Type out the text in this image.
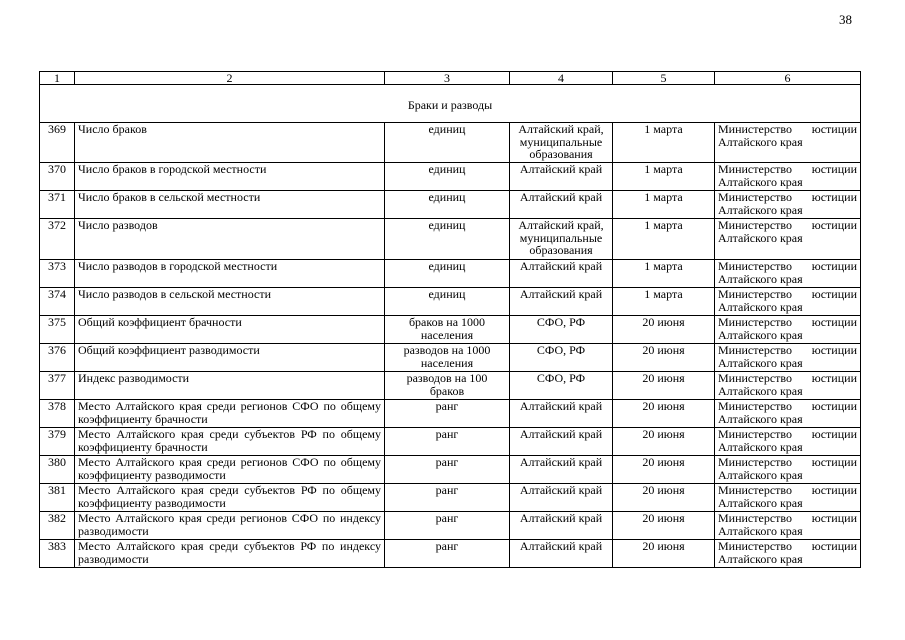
38
1	2	3	4	5	6
Браки и разводы					
369	Число браков	единиц	Алтайский край, муниципальные образования	1 марта	Министерство юстиции Алтайского края
370	Число браков в городской местности	единиц	Алтайский край	1 марта	Министерство юстиции Алтайского края
371	Число браков в сельской местности	единиц	Алтайский край	1 марта	Министерство юстиции Алтайского края
372	Число разводов	единиц	Алтайский край, муниципальные образования	1 марта	Министерство юстиции Алтайского края
373	Число разводов в городской местности	единиц	Алтайский край	1 марта	Министерство юстиции Алтайского края
374	Число разводов в сельской местности	единиц	Алтайский край	1 марта	Министерство юстиции Алтайского края
375	Общий коэффициент брачности	браков на 1000 населения	СФО, РФ	20 июня	Министерство юстиции Алтайского края
376	Общий коэффициент разводимости	разводов на 1000 населения	СФО, РФ	20 июня	Министерство юстиции Алтайского края
377	Индекс разводимости	разводов на 100 браков	СФО, РФ	20 июня	Министерство юстиции Алтайского края
378	Место Алтайского края среди регионов СФО по общему коэффициенту брачности	ранг	Алтайский край	20 июня	Министерство юстиции Алтайского края
379	Место Алтайского края среди субъектов РФ по общему коэффициенту брачности	ранг	Алтайский край	20 июня	Министерство юстиции Алтайского края
380	Место Алтайского края среди регионов СФО по общему коэффициенту разводимости	ранг	Алтайский край	20 июня	Министерство юстиции Алтайского края
381	Место Алтайского края среди субъектов РФ по общему коэффициенту разводимости	ранг	Алтайский край	20 июня	Министерство юстиции Алтайского края
382	Место Алтайского края среди регионов СФО по индексу разводимости	ранг	Алтайский край	20 июня	Министерство юстиции Алтайского края
383	Место Алтайского края среди субъектов РФ по индексу разводимости	ранг	Алтайский край	20 июня	Министерство юстиции Алтайского края
